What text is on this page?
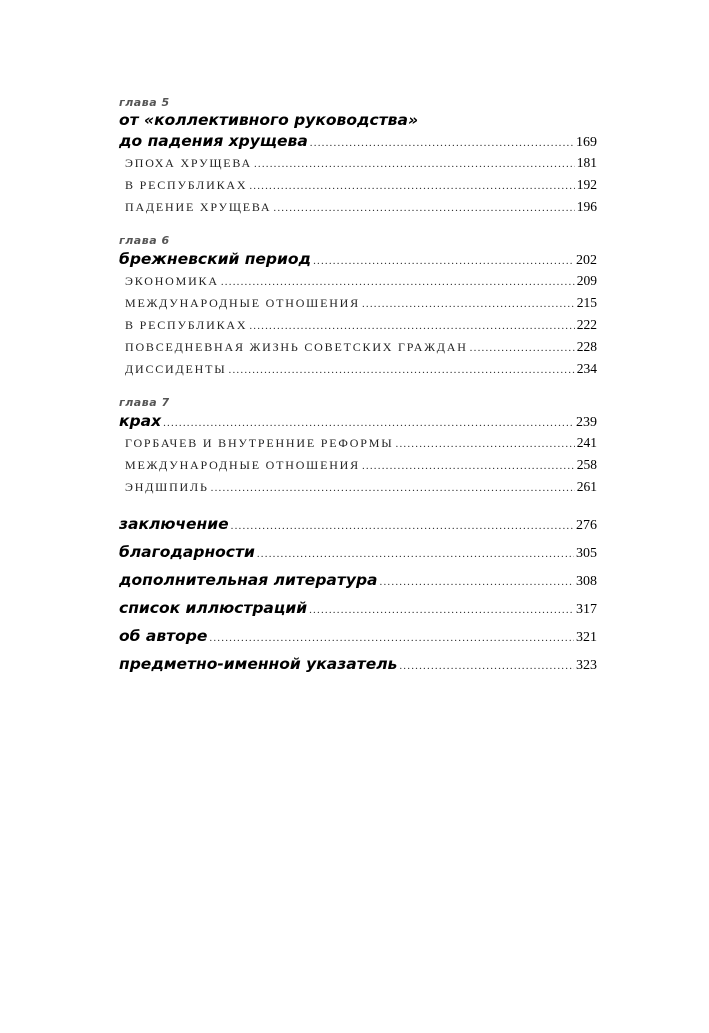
глава 5
от «коллективного руководства»
до падения хрущева .....	169
ЭПОХА ХРУЩЕВА .....	181
В РЕСПУБЛИКАХ .....	192
ПАДЕНИЕ ХРУЩЕВА .....	196
глава 6
брежневский период .....	202
ЭКОНОМИКА .....	209
МЕЖДУНАРОДНЫЕ ОТНОШЕНИЯ .....	215
В РЕСПУБЛИКАХ .....	222
ПОВСЕДНЕВНАЯ ЖИЗНЬ СОВЕТСКИХ ГРАЖДАН .....	228
ДИССИДЕНТЫ .....	234
глава 7
крах .....	239
ГОРБАЧЕВ И ВНУТРЕННИЕ РЕФОРМЫ .....	241
МЕЖДУНАРОДНЫЕ ОТНОШЕНИЯ .....	258
ЭНДШПИЛЬ .....	261
заключение .....	276
благодарности .....	305
дополнительная литература .....	308
список иллюстраций .....	317
об авторе .....	321
предметно-именной указатель .....	323
